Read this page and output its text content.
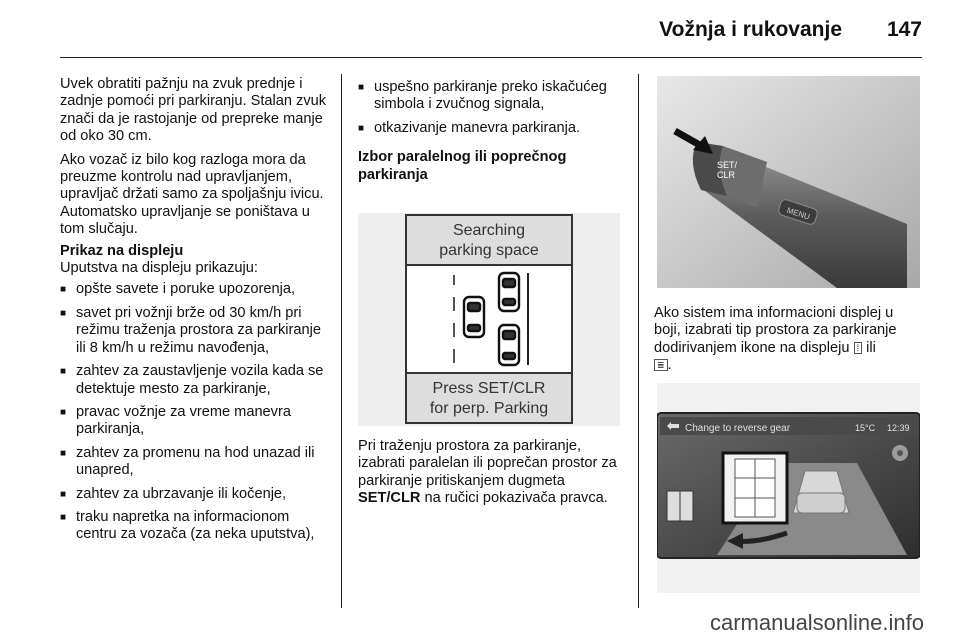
Vožnja i rukovanje 147

Uvek obratiti pažnju na zvuk prednje i zadnje pomoći pri parkiranju. Stalan zvuk znači da je rastojanje od prepreke manje od oko 30 cm.

Ako vozač iz bilo kog razloga mora da preuzme kontrolu nad upravljanjem, upravljač držati samo za spoljašnju ivicu. Automatsko upravljanje se poništava u tom slučaju.

Prikaz na displeju

Uputstva na displeju prikazuju:

■ opšte savete i poruke upozorenja,
■ savet pri vožnji brže od 30 km/h pri režimu traženja prostora za parkiranje ili 8 km/h u režimu navođenja,
■ zahtev za zaustavljenje vozila kada se detektuje mesto za parkiranje,
■ pravac vožnje za vreme manevra parkiranja,
■ zahtev za promenu na hod unazad ili unapred,
■ zahtev za ubrzavanje ili kočenje,
■ traku napretka na informacionom centru za vozača (za neka uputstva),
■ uspešno parkiranje preko iskačućeg simbola i zvučnog signala,
■ otkazivanje manevra parkiranja.
Izbor paralelnog ili poprečnog parkiranja
Searching
parking space
Press SET/CLR
for perp. Parking

Pri traženju prostora za parkiranje, izabrati paralelan ili poprečan prostor za parkiranje pritiskanjem dugmeta SET/CLR na ručici pokazivača pravca.

SET/
CLR
MENU

Ako sistem ima informacioni displej u boji, izabrati tip prostora za parkiranje dodirivanjem ikone na displeju ⁞ ili
≣ .

Change to reverse gear	15°C 12:39
carmanualsonline.info
